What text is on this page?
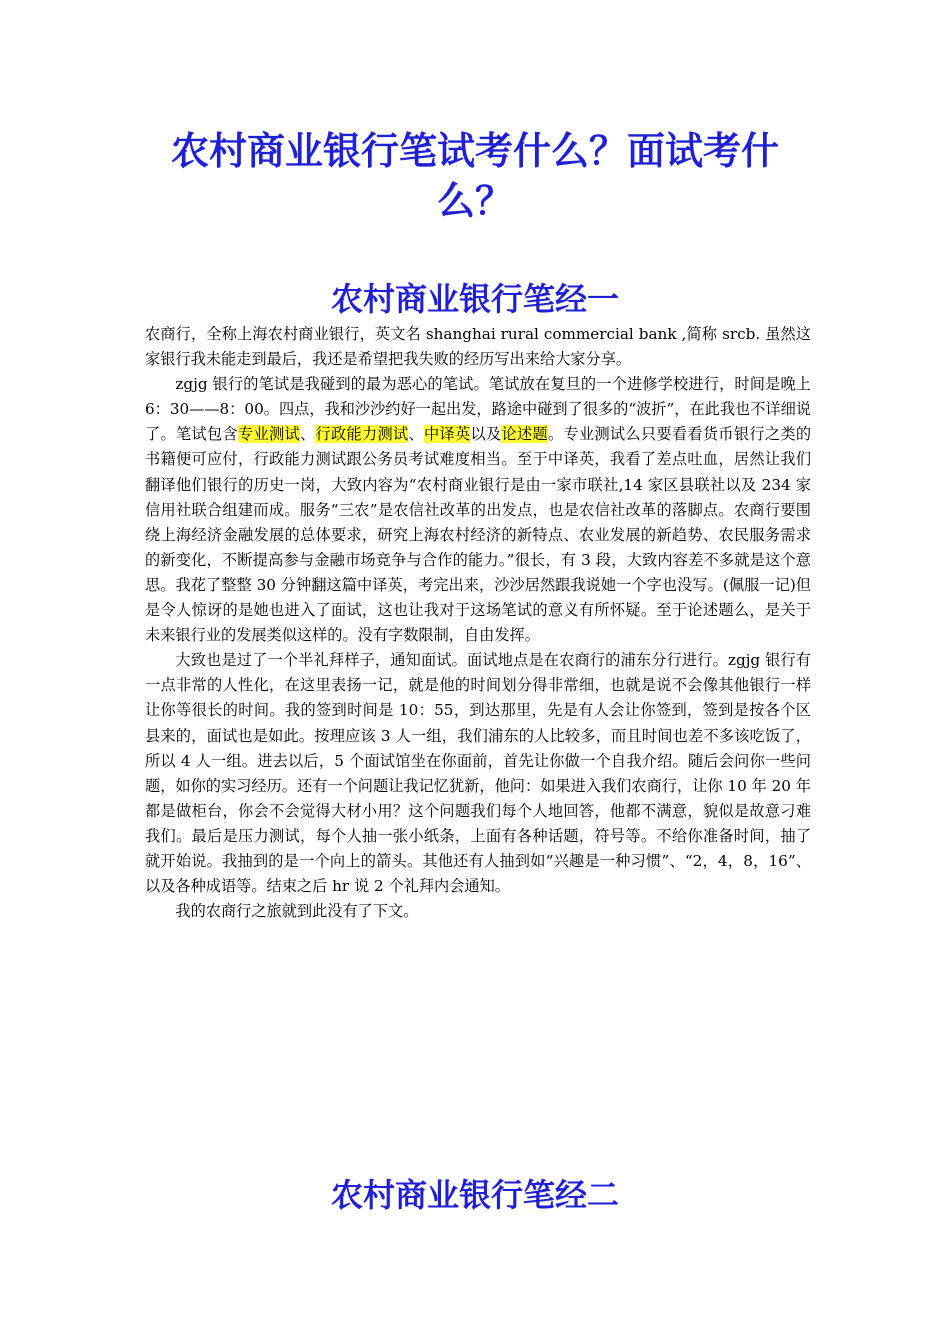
农村商业银行笔试考什么？面试考什么？
农村商业银行笔经一

农商行，全称上海农村商业银行，英文名 shanghai rural commercial bank ,简称 srcb. 虽然这家银行我未能走到最后，我还是希望把我失败的经历写出来给大家分享。

zgjg 银行的笔试是我碰到的最为恶心的笔试。笔试放在复旦的一个进修学校进行，时间是晚上 6：30——8：00。四点，我和沙沙约好一起出发，路途中碰到了很多的“波折”，在此我也不详细说了。笔试包含专业测试、行政能力测试、中译英以及论述题。专业测试么只要看看货币银行之类的书籍便可应付，行政能力测试跟公务员考试难度相当。至于中译英，我看了差点吐血，居然让我们翻译他们银行的历史一岗，大致内容为“农村商业银行是由一家市联社,14 家区县联社以及 234 家信用社联合组建而成。服务“三农”是农信社改革的出发点，也是农信社改革的落脚点。农商行要围绕上海经济金融发展的总体要求，研究上海农村经济的新特点、农业发展的新趋势、农民服务需求的新变化，不断提高参与金融市场竞争与合作的能力。”很长，有 3 段，大致内容差不多就是这个意思。我花了整整 30 分钟翻这篇中译英，考完出来，沙沙居然跟我说她一个字也没写。(佩服一记)但是令人惊讶的是她也进入了面试，这也让我对于这场笔试的意义有所怀疑。至于论述题么，是关于未来银行业的发展类似这样的。没有字数限制，自由发挥。

大致也是过了一个半礼拜样子，通知面试。面试地点是在农商行的浦东分行进行。zgjg 银行有一点非常的人性化，在这里表扬一记，就是他的时间划分得非常细，也就是说不会像其他银行一样让你等很长的时间。我的签到时间是 10：55，到达那里，先是有人会让你签到，签到是按各个区县来的，面试也是如此。按理应该 3 人一组，我们浦东的人比较多，而且时间也差不多该吃饭了，所以 4 人一组。进去以后，5 个面试馆坐在你面前，首先让你做一个自我介绍。随后会问你一些问题，如你的实习经历。还有一个问题让我记忆犹新，他问：如果进入我们农商行，让你 10 年 20 年都是做柜台，你会不会觉得大材小用？这个问题我们每个人地回答，他都不满意，貌似是故意刁难我们。最后是压力测试，每个人抽一张小纸条，上面有各种话题，符号等。不给你准备时间，抽了就开始说。我抽到的是一个向上的箭头。其他还有人抽到如“兴趣是一种习惯”、“2，4，8，16”、以及各种成语等。结束之后 hr 说 2 个礼拜内会通知。

我的农商行之旅就到此没有了下文。

农村商业银行笔经二
